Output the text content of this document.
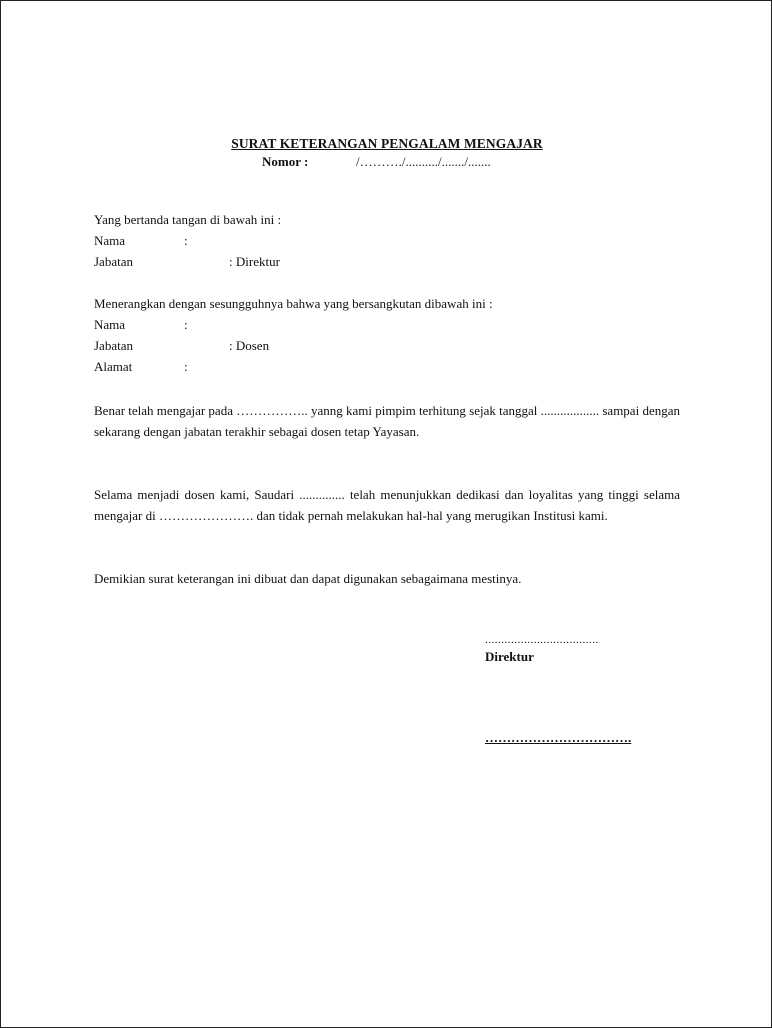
SURAT KETERANGAN PENGALAM MENGAJAR
Nomor :	/………./........../......./.......
Yang bertanda tangan di bawah ini :
Nama	:
Jabatan	: Direktur
Menerangkan dengan sesungguhnya bahwa yang bersangkutan dibawah ini :
Nama	:
Jabatan	: Dosen
Alamat	:
Benar telah mengajar pada …………….. yanng kami pimpim terhitung sejak tanggal .................. sampai dengan sekarang dengan jabatan terakhir sebagai dosen tetap Yayasan.
Selama menjadi dosen kami, Saudari .............. telah menunjukkan dedikasi dan loyalitas yang tinggi selama mengajar di …………………. dan tidak pernah melakukan hal-hal yang merugikan Institusi kami.
Demikian surat keterangan ini dibuat dan dapat digunakan sebagaimana mestinya.
...................................
Direktur
…………………………….
